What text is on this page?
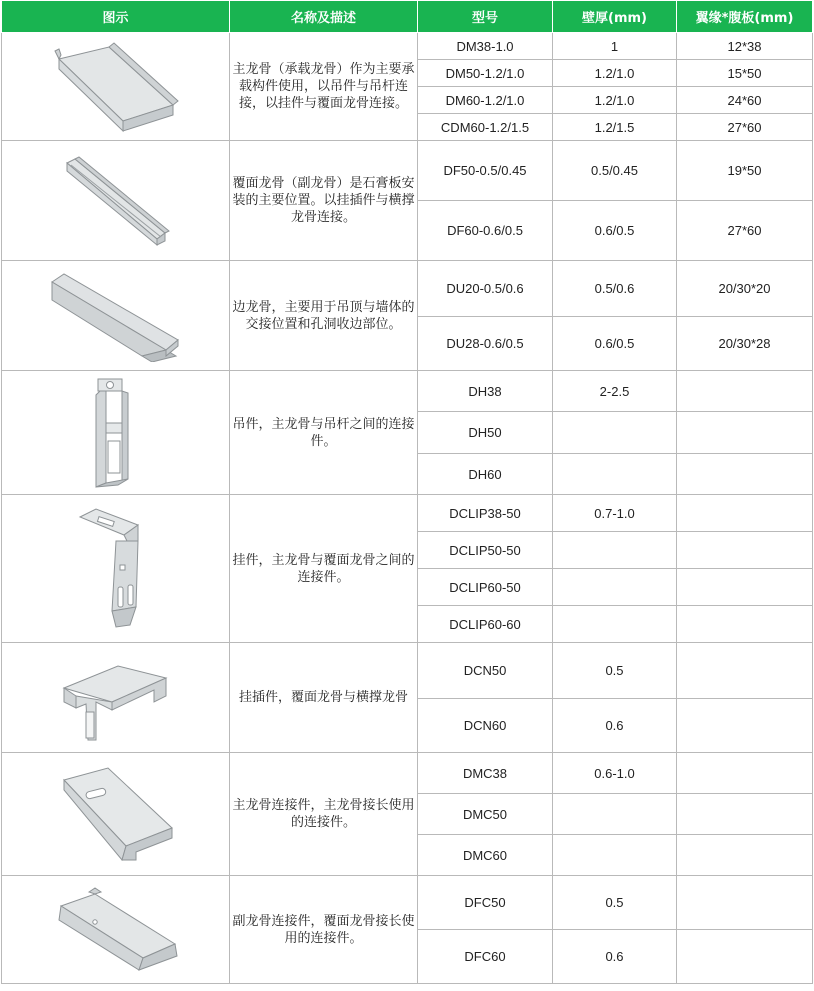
图示	名称及描述	型号	壁厚(mm)	翼缘*腹板(mm)

	主龙骨（承载龙骨）作为主要承载构件使用，以吊件与吊杆连接，以挂件与覆面龙骨连接。	DM38-1.0	1	12*38
		DM50-1.2/1.0	1.2/1.0	15*50
		DM60-1.2/1.0	1.2/1.0	24*60
		CDM60-1.2/1.5	1.2/1.5	27*60

	覆面龙骨（副龙骨）是石膏板安装的主要位置。以挂插件与横撑龙骨连接。	DF50-0.5/0.45	0.5/0.45	19*50
		DF60-0.6/0.5	0.6/0.5	27*60

	边龙骨，主要用于吊顶与墙体的交接位置和孔洞收边部位。	DU20-0.5/0.6	0.5/0.6	20/30*20
		DU28-0.6/0.5	0.6/0.5	20/30*28

	吊件，主龙骨与吊杆之间的连接件。	DH38	2-2.5	
		DH50		
		DH60		

	挂件，主龙骨与覆面龙骨之间的连接件。	DCLIP38-50	0.7-1.0	
		DCLIP50-50		
		DCLIP60-50		
		DCLIP60-60		

	挂插件，覆面龙骨与横撑龙骨	DCN50	0.5	
		DCN60	0.6	

	主龙骨连接件，主龙骨接长使用的连接件。	DMC38	0.6-1.0	
		DMC50		
		DMC60		

	副龙骨连接件，覆面龙骨接长使用的连接件。	DFC50	0.5	
		DFC60	0.6	
